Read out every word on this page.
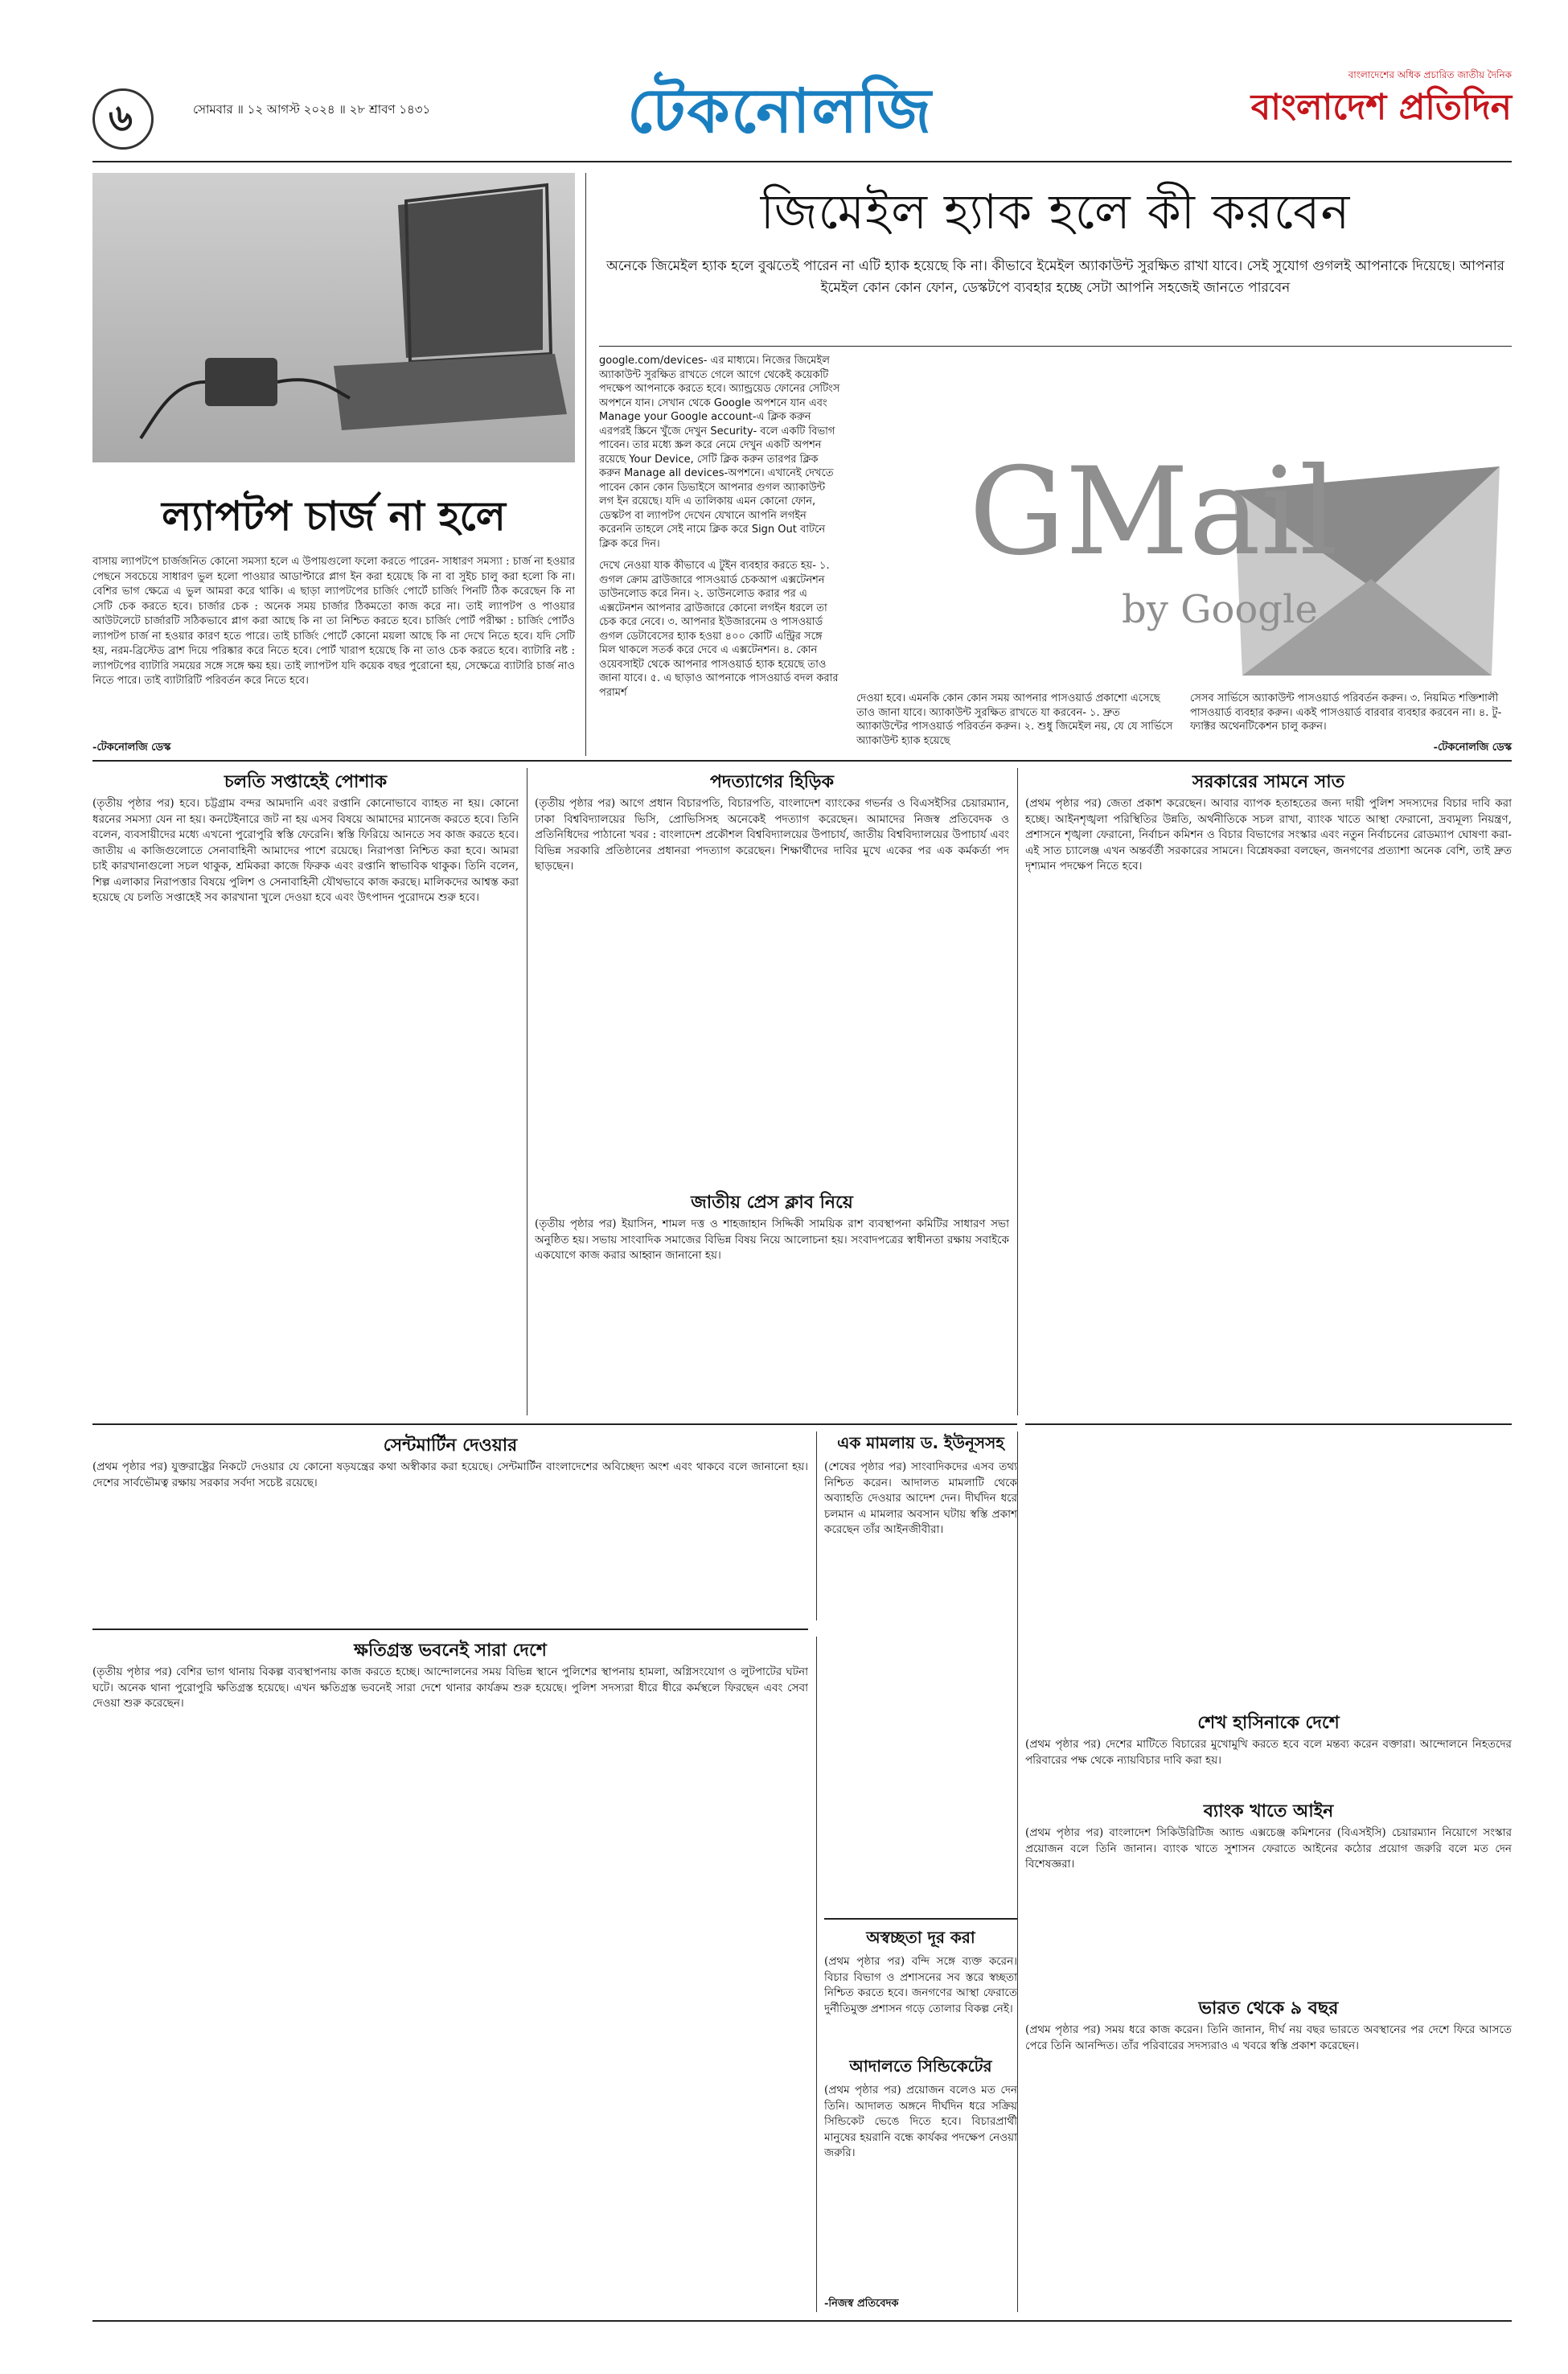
৬	সোমবার ॥ ১২ আগস্ট ২০২৪ ॥ ২৮ শ্রাবণ ১৪৩১	টেকনোলজি	বাংলাদেশের অধিক প্রচারিত জাতীয় দৈনিক
বাংলাদেশ প্রতিদিন
ল্যাপটপ চার্জ না হলে
বাসায় ল্যাপটপে চার্জজনিত কোনো সমস্যা হলে এ উপায়গুলো ফলো করতে পারেন- সাধারণ সমস্যা : চার্জ না হওয়ার পেছনে সবচেয়ে সাধারণ ভুল হলো পাওয়ার আডাপ্টারে প্লাগ ইন করা হয়েছে কি না বা সুইচ চালু করা হলো কি না। বেশির ভাগ ক্ষেত্রে এ ভুল আমরা করে থাকি। এ ছাড়া ল্যাপটপের চার্জিং পোর্টে চার্জিং পিনটি ঠিক করেছেন কি না সেটি চেক করতে হবে। চার্জার চেক : অনেক সময় চার্জার ঠিকমতো কাজ করে না। তাই ল্যাপটপ ও পাওয়ার আউটলেটে চার্জারটি সঠিকভাবে প্লাগ করা আছে কি না তা নিশ্চিত করতে হবে। চার্জিং পোর্ট পরীক্ষা : চার্জিং পোর্টও ল্যাপটপ চার্জ না হওয়ার কারণ হতে পারে। তাই চার্জিং পোর্টে কোনো ময়লা আছে কি না দেখে নিতে হবে। যদি সেটি হয়, নরম-ব্রিস্টেড ব্রাশ দিয়ে পরিষ্কার করে নিতে হবে। পোর্ট খারাপ হয়েছে কি না তাও চেক করতে হবে। ব্যাটারি নষ্ট : ল্যাপটপের ব্যাটারি সময়ের সঙ্গে সঙ্গে ক্ষয় হয়। তাই ল্যাপটপ যদি কয়েক বছর পুরোনো হয়, সেক্ষেত্রে ব্যাটারি চার্জ নাও নিতে পারে। তাই ব্যাটারিটি পরিবর্তন করে নিতে হবে।
-টেকনোলজি ডেস্ক
জিমেইল হ্যাক হলে কী করবেন
অনেকে জিমেইল হ্যাক হলে বুঝতেই পারেন না এটি হ্যাক হয়েছে কি না। কীভাবে ইমেইল অ্যাকাউন্ট সুরক্ষিত রাখা যাবে। সেই সুযোগ গুগলই আপনাকে দিয়েছে। আপনার ইমেইল কোন কোন ফোন, ডেস্কটপে ব্যবহার হচ্ছে সেটা আপনি সহজেই জানতে পারবেন
google.com/devices- এর মাধ্যমে। নিজের জিমেইল অ্যাকাউন্ট সুরক্ষিত রাখতে গেলে আগে থেকেই কয়েকটি পদক্ষেপ আপনাকে করতে হবে। অ্যান্ড্রয়েড ফোনের সেটিংস অপশনে যান। সেখান থেকে Google অপশনে যান এবং Manage your Google account-এ ক্লিক করুন এরপরই স্ক্রিনে খুঁজে দেখুন Security- বলে একটি বিভাগ পাবেন। তার মধ্যে স্ক্রল করে নেমে দেখুন একটি অপশন রয়েছে Your Device, সেটি ক্লিক করুন তারপর ক্লিক করুন Manage all devices-অপশনে। এখানেই দেখতে পাবেন কোন কোন ডিভাইসে আপনার গুগল অ্যাকাউন্ট লগ ইন রয়েছে। যদি এ তালিকায় এমন কোনো ফোন, ডেস্কটপ বা ল্যাপটপ দেখেন যেখানে আপনি লগইন করেননি তাহলে সেই নামে ক্লিক করে Sign Out বাটনে ক্লিক করে দিন।
দেখে নেওয়া যাক কীভাবে এ টুইন ব্যবহার করতে হয়- ১. গুগল ক্রোম ব্রাউজারে পাসওয়ার্ড চেকআপ এক্সটেনশন ডাউনলোড করে নিন। ২. ডাউনলোড করার পর এ এক্সটেনশন আপনার ব্রাউজারে কোনো লগইন ধরলে তা চেক করে নেবে। ৩. আপনার ইউজারনেম ও পাসওয়ার্ড গুগল ডেটাবেসের হ্যাক হওয়া ৪০০ কোটি এন্ট্রির সঙ্গে মিল থাকলে সতর্ক করে দেবে এ এক্সটেনশন। ৪. কোন ওয়েবসাইট থেকে আপনার পাসওয়ার্ড হ্যাক হয়েছে তাও জানা যাবে। ৫. এ ছাড়াও আপনাকে পাসওয়ার্ড বদল করার পরামর্শ
GMail
by Google
দেওয়া হবে। এমনকি কোন কোন সময় আপনার পাসওয়ার্ড প্রকাশো এসেছে তাও জানা যাবে। অ্যাকাউন্ট সুরক্ষিত রাখতে যা করবেন- ১. দ্রুত অ্যাকাউন্টের পাসওয়ার্ড পরিবর্তন করুন। ২. শুধু জিমেইল নয়, যে যে সার্ভিসে অ্যাকাউন্ট হ্যাক হয়েছে
সেসব সার্ভিসে অ্যাকাউন্ট পাসওয়ার্ড পরিবর্তন করুন। ৩. নিয়মিত শক্তিশালী পাসওয়ার্ড ব্যবহার করুন। একই পাসওয়ার্ড বারবার ব্যবহার করবেন না। ৪. টু-ফ্যাক্টর অথেনটিকেশন চালু করুন।
-টেকনোলজি ডেস্ক
চলতি সপ্তাহেই পোশাক
(তৃতীয় পৃষ্ঠার পর) হবে। চট্টগ্রাম বন্দর আমদানি এবং রপ্তানি কোনোভাবে ব্যাহত না হয়। কোনো ধরনের সমস্যা যেন না হয়। কনটেইনারে জট না হয় এসব বিষয়ে আমাদের ম্যানেজ করতে হবে। তিনি বলেন, ব্যবসায়ীদের মধ্যে এখনো পুরোপুরি স্বস্তি ফেরেনি। স্বস্তি ফিরিয়ে আনতে সব কাজ করতে হবে। জাতীয় এ কাজিগুলোতে সেনাবাহিনী আমাদের পাশে রয়েছে। নিরাপত্তা নিশ্চিত করা হবে। আমরা চাই কারখানাগুলো সচল থাকুক, শ্রমিকরা কাজে ফিরুক এবং রপ্তানি স্বাভাবিক থাকুক। তিনি বলেন, শিল্প এলাকার নিরাপত্তার বিষয়ে পুলিশ ও সেনাবাহিনী যৌথভাবে কাজ করছে। মালিকদের আশ্বস্ত করা হয়েছে যে চলতি সপ্তাহেই সব কারখানা খুলে দেওয়া হবে এবং উৎপাদন পুরোদমে শুরু হবে।
পদত্যাগের হিড়িক
(তৃতীয় পৃষ্ঠার পর) আগে প্রধান বিচারপতি, বিচারপতি, বাংলাদেশ ব্যাংকের গভর্নর ও বিএসইসির চেয়ারম্যান, ঢাকা বিশ্ববিদ্যালয়ের ভিসি, প্রোভিসিসহ অনেকেই পদত্যাগ করেছেন। আমাদের নিজস্ব প্রতিবেদক ও প্রতিনিধিদের পাঠানো খবর : বাংলাদেশ প্রকৌশল বিশ্ববিদ্যালয়ের উপাচার্য, জাতীয় বিশ্ববিদ্যালয়ের উপাচার্য এবং বিভিন্ন সরকারি প্রতিষ্ঠানের প্রধানরা পদত্যাগ করেছেন। শিক্ষার্থীদের দাবির মুখে একের পর এক কর্মকর্তা পদ ছাড়ছেন।
জাতীয় প্রেস ক্লাব নিয়ে
(তৃতীয় পৃষ্ঠার পর) ইয়াসিন, শামল দত্ত ও শাহজাহান সিদ্দিকী সাময়িক রাশ ব্যবস্থাপনা কমিটির সাধারণ সভা অনুষ্ঠিত হয়। সভায় সাংবাদিক সমাজের বিভিন্ন বিষয় নিয়ে আলোচনা হয়। সংবাদপত্রের স্বাধীনতা রক্ষায় সবাইকে একযোগে কাজ করার আহ্বান জানানো হয়।
সরকারের সামনে সাত
(প্রথম পৃষ্ঠার পর) জেতা প্রকাশ করেছেন। আবার ব্যাপক হতাহতের জন্য দায়ী পুলিশ সদস্যদের বিচার দাবি করা হচ্ছে। আইনশৃঙ্খলা পরিস্থিতির উন্নতি, অর্থনীতিকে সচল রাখা, ব্যাংক খাতে আস্থা ফেরানো, দ্রব্যমূল্য নিয়ন্ত্রণ, প্রশাসনে শৃঙ্খলা ফেরানো, নির্বাচন কমিশন ও বিচার বিভাগের সংস্কার এবং নতুন নির্বাচনের রোডম্যাপ ঘোষণা করা-এই সাত চ্যালেঞ্জ এখন অন্তর্বর্তী সরকারের সামনে। বিশ্লেষকরা বলছেন, জনগণের প্রত্যাশা অনেক বেশি, তাই দ্রুত দৃশ্যমান পদক্ষেপ নিতে হবে।
সেন্টমার্টিন দেওয়ার
(প্রথম পৃষ্ঠার পর) যুক্তরাষ্ট্রের নিকটে দেওয়ার যে কোনো ষড়যন্ত্রের কথা অস্বীকার করা হয়েছে। সেন্টমার্টিন বাংলাদেশের অবিচ্ছেদ্য অংশ এবং থাকবে বলে জানানো হয়। দেশের সার্বভৌমত্ব রক্ষায় সরকার সর্বদা সচেষ্ট রয়েছে।
এক মামলায় ড. ইউনূসসহ
(শেষের পৃষ্ঠার পর) সাংবাদিকদের এসব তথ্য নিশ্চিত করেন। আদালত মামলাটি থেকে অব্যাহতি দেওয়ার আদেশ দেন। দীর্ঘদিন ধরে চলমান এ মামলার অবসান ঘটায় স্বস্তি প্রকাশ করেছেন তাঁর আইনজীবীরা।
ক্ষতিগ্রস্ত ভবনেই সারা দেশে
(তৃতীয় পৃষ্ঠার পর) বেশির ভাগ থানায় বিকল্প ব্যবস্থাপনায় কাজ করতে হচ্ছে। আন্দোলনের সময় বিভিন্ন স্থানে পুলিশের স্থাপনায় হামলা, অগ্নিসংযোগ ও লুটপাটের ঘটনা ঘটে। অনেক থানা পুরোপুরি ক্ষতিগ্রস্ত হয়েছে। এখন ক্ষতিগ্রস্ত ভবনেই সারা দেশে থানার কার্যক্রম শুরু হয়েছে। পুলিশ সদস্যরা ধীরে ধীরে কর্মস্থলে ফিরছেন এবং সেবা দেওয়া শুরু করেছেন।
অস্বচ্ছতা দূর করা
(প্রথম পৃষ্ঠার পর) বন্দি সঙ্গে ব্যক্ত করেন। বিচার বিভাগ ও প্রশাসনের সব স্তরে স্বচ্ছতা নিশ্চিত করতে হবে। জনগণের আস্থা ফেরাতে দুর্নীতিমুক্ত প্রশাসন গড়ে তোলার বিকল্প নেই।
আদালতে সিন্ডিকেটের
(প্রথম পৃষ্ঠার পর) প্রয়োজন বলেও মত দেন তিনি। আদালত অঙ্গনে দীর্ঘদিন ধরে সক্রিয় সিন্ডিকেট ভেঙে দিতে হবে। বিচারপ্রার্থী মানুষের হয়রানি বন্ধে কার্যকর পদক্ষেপ নেওয়া জরুরি।
-নিজস্ব প্রতিবেদক
শেখ হাসিনাকে দেশে
(প্রথম পৃষ্ঠার পর) দেশের মাটিতে বিচারের মুখোমুখি করতে হবে বলে মন্তব্য করেন বক্তারা। আন্দোলনে নিহতদের পরিবারের পক্ষ থেকে ন্যায়বিচার দাবি করা হয়।
ব্যাংক খাতে আইন
(প্রথম পৃষ্ঠার পর) বাংলাদেশ সিকিউরিটিজ অ্যান্ড এক্সচেঞ্জ কমিশনের (বিএসইসি) চেয়ারম্যান নিয়োগে সংস্কার প্রয়োজন বলে তিনি জানান। ব্যাংক খাতে সুশাসন ফেরাতে আইনের কঠোর প্রয়োগ জরুরি বলে মত দেন বিশেষজ্ঞরা।
ভারত থেকে ৯ বছর
(প্রথম পৃষ্ঠার পর) সময় ধরে কাজ করেন। তিনি জানান, দীর্ঘ নয় বছর ভারতে অবস্থানের পর দেশে ফিরে আসতে পেরে তিনি আনন্দিত। তাঁর পরিবারের সদস্যরাও এ খবরে স্বস্তি প্রকাশ করেছেন।
